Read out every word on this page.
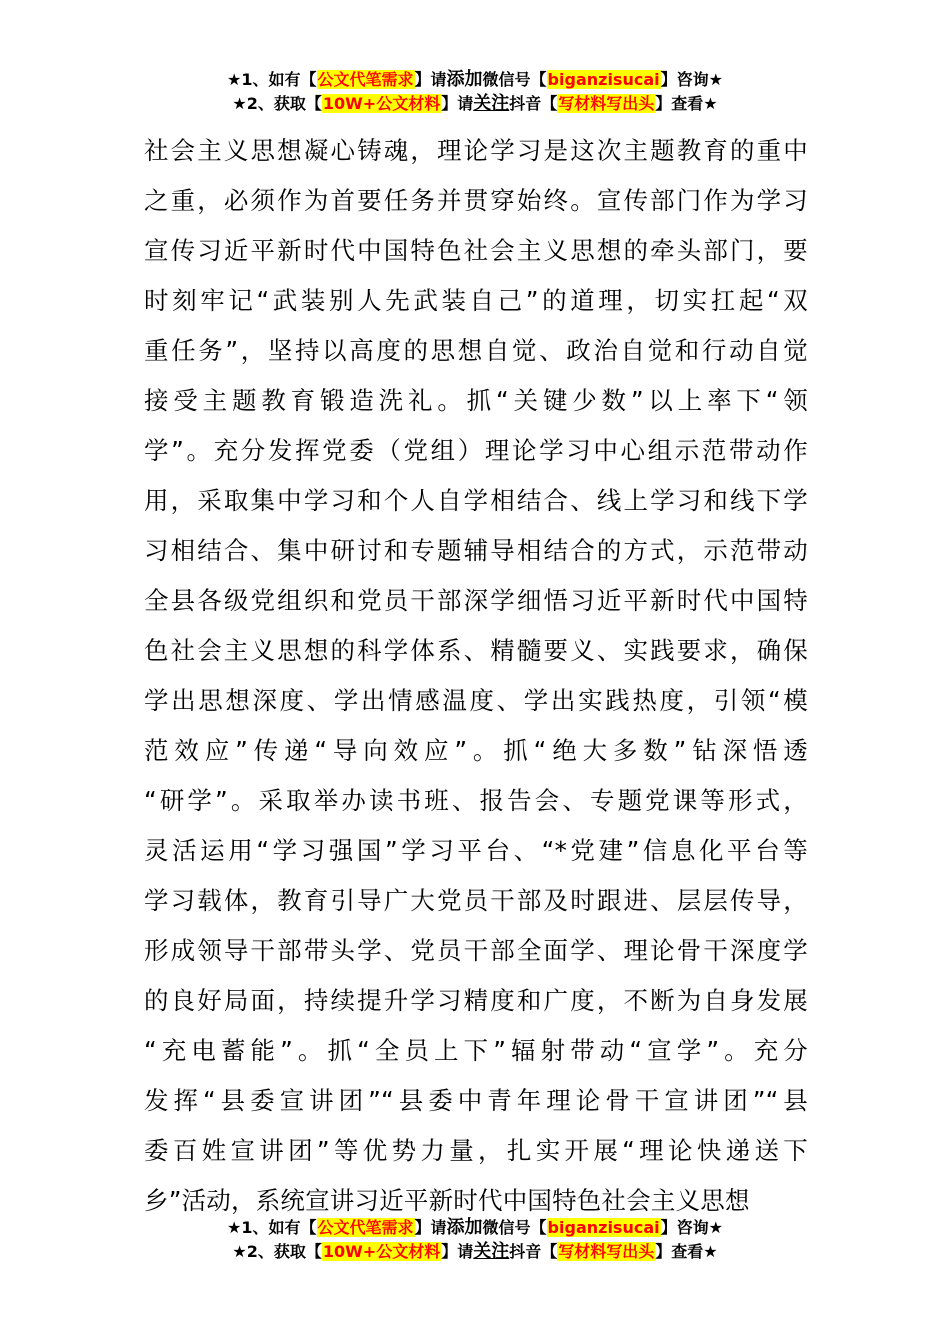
★1、如有【公文代笔需求】请添加微信号【biganzisucai】咨询★
★2、获取【10W+公文材料】请关注抖音【写材料写出头】查看★
社会主义思想凝心铸魂，理论学习是这次主题教育的重中
之重，必须作为首要任务并贯穿始终。宣传部门作为学习
宣传习近平新时代中国特色社会主义思想的牵头部门，要
时刻牢记“武装别人先武装自己”的道理，切实扛起“双
重任务”，坚持以高度的思想自觉、政治自觉和行动自觉
接受主题教育锻造洗礼。抓“关键少数”以上率下“领
学”。充分发挥党委（党组）理论学习中心组示范带动作
用，采取集中学习和个人自学相结合、线上学习和线下学
习相结合、集中研讨和专题辅导相结合的方式，示范带动
全县各级党组织和党员干部深学细悟习近平新时代中国特
色社会主义思想的科学体系、精髓要义、实践要求，确保
学出思想深度、学出情感温度、学出实践热度，引领“模
范效应”传递“导向效应”。抓“绝大多数”钻深悟透
“研学”。采取举办读书班、报告会、专题党课等形式，
灵活运用“学习强国”学习平台、“*党建”信息化平台等
学习载体，教育引导广大党员干部及时跟进、层层传导，
形成领导干部带头学、党员干部全面学、理论骨干深度学
的良好局面，持续提升学习精度和广度，不断为自身发展
“充电蓄能”。抓“全员上下”辐射带动“宣学”。充分
发挥“县委宣讲团”“县委中青年理论骨干宣讲团”“县
委百姓宣讲团”等优势力量，扎实开展“理论快递送下
乡”活动，系统宣讲习近平新时代中国特色社会主义思想
★1、如有【公文代笔需求】请添加微信号【biganzisucai】咨询★
★2、获取【10W+公文材料】请关注抖音【写材料写出头】查看★
